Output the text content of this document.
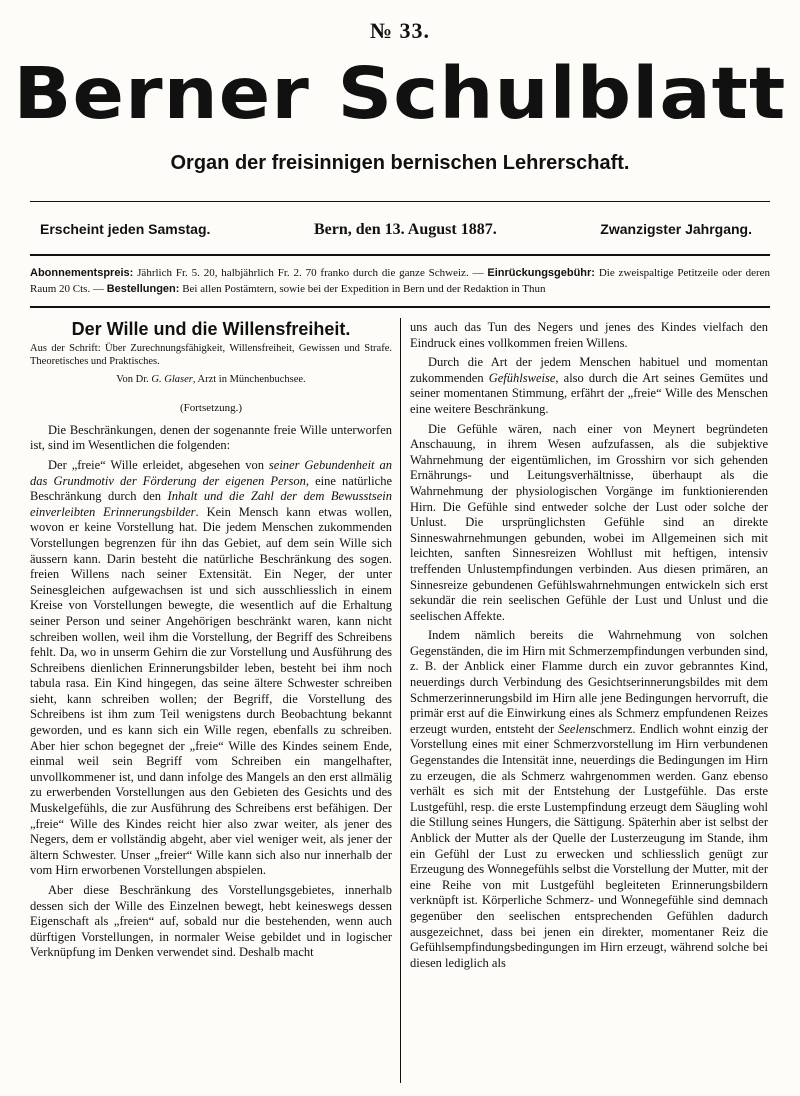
№ 33.
Berner Schulblatt
Organ der freisinnigen bernischen Lehrerschaft.
Erscheint jeden Samstag.	Bern, den 13. August 1887.	Zwanzigster Jahrgang.
Abonnementspreis: Jährlich Fr. 5. 20, halbjährlich Fr. 2. 70 franko durch die ganze Schweiz. — Einrückungsgebühr: Die zweispaltige Petitzeile oder deren Raum 20 Cts. — Bestellungen: Bei allen Postämtern, sowie bei der Expedition in Bern und der Redaktion in Thun
Der Wille und die Willensfreiheit.
Aus der Schrift: Über Zurechnungsfähigkeit, Willensfreiheit, Gewissen und Strafe. Theoretisches und Praktisches.
Von Dr. G. Glaser, Arzt in Münchenbuchsee.
(Fortsetzung.)

Die Beschränkungen, denen der sogenannte freie Wille unterworfen ist, sind im Wesentlichen die folgenden:

Der „freie“ Wille erleidet, abgesehen von seiner Gebundenheit an das Grundmotiv der Förderung der eigenen Person, eine natürliche Beschränkung durch den Inhalt und die Zahl der dem Bewusstsein einverleibten Erinnerungsbilder. Kein Mensch kann etwas wollen, wovon er keine Vorstellung hat. Die jedem Menschen zukommenden Vorstellungen begrenzen für ihn das Gebiet, auf dem sein Wille sich äussern kann. Darin besteht die natürliche Beschränkung des sogen. freien Willens nach seiner Extensität. Ein Neger, der unter Seinesgleichen aufgewachsen ist und sich ausschliesslich in einem Kreise von Vorstellungen bewegte, die wesentlich auf die Erhaltung seiner Person und seiner Angehörigen beschränkt waren, kann nicht schreiben wollen, weil ihm die Vorstellung, der Begriff des Schreibens fehlt. Da, wo in unserm Gehirn die zur Vorstellung und Ausführung des Schreibens dienlichen Erinnerungsbilder leben, besteht bei ihm noch tabula rasa. Ein Kind hingegen, das seine ältere Schwester schreiben sieht, kann schreiben wollen; der Begriff, die Vorstellung des Schreibens ist ihm zum Teil wenigstens durch Beobachtung bekannt geworden, und es kann sich ein Wille regen, ebenfalls zu schreiben. Aber hier schon begegnet der „freie“ Wille des Kindes seinem Ende, einmal weil sein Begriff vom Schreiben ein mangelhafter, unvollkommener ist, und dann infolge des Mangels an den erst allmälig zu erwerbenden Vorstellungen aus den Gebieten des Gesichts und des Muskelgefühls, die zur Ausführung des Schreibens erst befähigen. Der „freie“ Wille des Kindes reicht hier also zwar weiter, als jener des Negers, dem er vollständig abgeht, aber viel weniger weit, als jener der ältern Schwester. Unser „freier“ Wille kann sich also nur innerhalb der vom Hirn erworbenen Vorstellungen abspielen.

Aber diese Beschränkung des Vorstellungsgebietes, innerhalb dessen sich der Wille des Einzelnen bewegt, hebt keineswegs dessen Eigenschaft als „freien“ auf, sobald nur die bestehenden, wenn auch dürftigen Vorstellungen, in normaler Weise gebildet und in logischer Verknüpfung im Denken verwendet sind. Deshalb macht

uns auch das Tun des Negers und jenes des Kindes vielfach den Eindruck eines vollkommen freien Willens.

Durch die Art der jedem Menschen habituel und momentan zukommenden Gefühlsweise, also durch die Art seines Gemütes und seiner momentanen Stimmung, erfährt der „freie“ Wille des Menschen eine weitere Beschränkung.

Die Gefühle wären, nach einer von Meynert begründeten Anschauung, in ihrem Wesen aufzufassen, als die subjektive Wahrnehmung der eigentümlichen, im Grosshirn vor sich gehenden Ernährungs- und Leitungsverhältnisse, überhaupt als die Wahrnehmung der physiologischen Vorgänge im funktionierenden Hirn. Die Gefühle sind entweder solche der Lust oder solche der Unlust. Die ursprünglichsten Gefühle sind an direkte Sinneswahrnehmungen gebunden, wobei im Allgemeinen sich mit leichten, sanften Sinnesreizen Wohllust mit heftigen, intensiv treffenden Unlustempfindungen verbinden. Aus diesen primären, an Sinnesreize gebundenen Gefühlswahrnehmungen entwickeln sich erst sekundär die rein seelischen Gefühle der Lust und Unlust und die seelischen Affekte.

Indem nämlich bereits die Wahrnehmung von solchen Gegenständen, die im Hirn mit Schmerzempfindungen verbunden sind, z. B. der Anblick einer Flamme durch ein zuvor gebranntes Kind, neuerdings durch Verbindung des Gesichtserinnerungsbildes mit dem Schmerzerinnerungsbild im Hirn alle jene Bedingungen hervorruft, die primär erst auf die Einwirkung eines als Schmerz empfundenen Reizes erzeugt wurden, entsteht der Seelenschmerz. Endlich wohnt einzig der Vorstellung eines mit einer Schmerzvorstellung im Hirn verbundenen Gegenstandes die Intensität inne, neuerdings die Bedingungen im Hirn zu erzeugen, die als Schmerz wahrgenommen werden. Ganz ebenso verhält es sich mit der Entstehung der Lustgefühle. Das erste Lustgefühl, resp. die erste Lustempfindung erzeugt dem Säugling wohl die Stillung seines Hungers, die Sättigung. Späterhin aber ist selbst der Anblick der Mutter als der Quelle der Lusterzeugung im Stande, ihm ein Gefühl der Lust zu erwecken und schliesslich genügt zur Erzeugung des Wonnegefühls selbst die Vorstellung der Mutter, mit der eine Reihe von mit Lustgefühl begleiteten Erinnerungsbildern verknüpft ist. Körperliche Schmerz- und Wonnegefühle sind demnach gegenüber den seelischen entsprechenden Gefühlen dadurch ausgezeichnet, dass bei jenen ein direkter, momentaner Reiz die Gefühlsempfindungsbedingungen im Hirn erzeugt, während solche bei diesen lediglich als
